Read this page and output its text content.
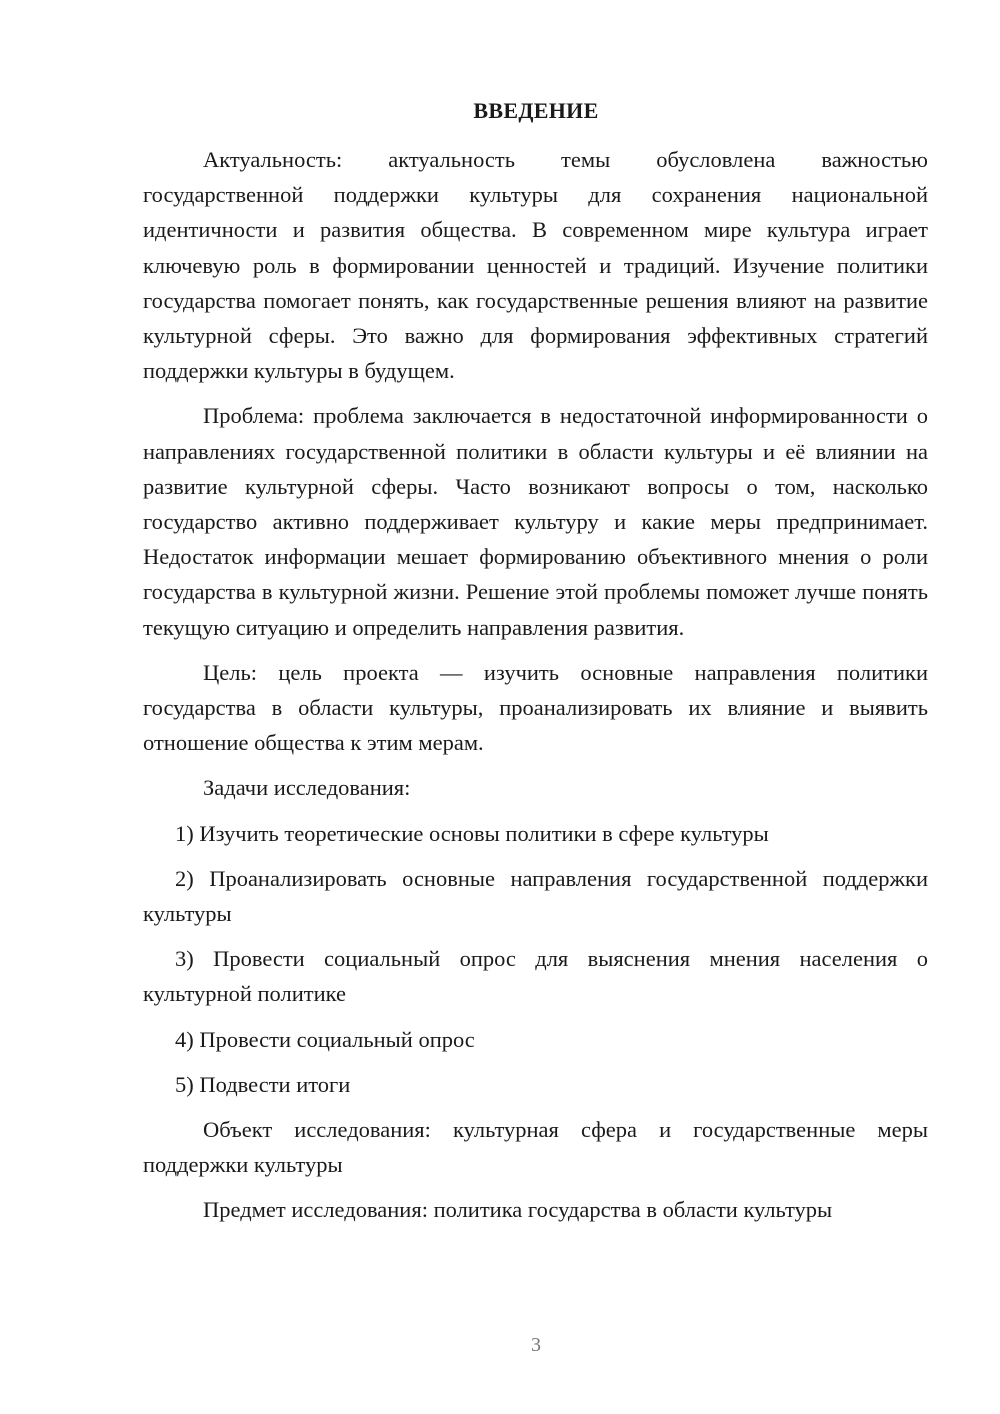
ВВЕДЕНИЕ

Актуальность: актуальность темы обусловлена важностью государственной поддержки культуры для сохранения национальной идентичности и развития общества. В современном мире культура играет ключевую роль в формировании ценностей и традиций. Изучение политики государства помогает понять, как государственные решения влияют на развитие культурной сферы. Это важно для формирования эффективных стратегий поддержки культуры в будущем.

Проблема: проблема заключается в недостаточной информированности о направлениях государственной политики в области культуры и её влиянии на развитие культурной сферы. Часто возникают вопросы о том, насколько государство активно поддерживает культуру и какие меры предпринимает. Недостаток информации мешает формированию объективного мнения о роли государства в культурной жизни. Решение этой проблемы поможет лучше понять текущую ситуацию и определить направления развития.

Цель: цель проекта — изучить основные направления политики государства в области культуры, проанализировать их влияние и выявить отношение общества к этим мерам.

Задачи исследования:

1) Изучить теоретические основы политики в сфере культуры

2) Проанализировать основные направления государственной поддержки культуры

3) Провести социальный опрос для выяснения мнения населения о культурной политике

4) Провести социальный опрос

5) Подвести итоги

Объект исследования: культурная сфера и государственные меры поддержки культуры

Предмет исследования: политика государства в области культуры

3
